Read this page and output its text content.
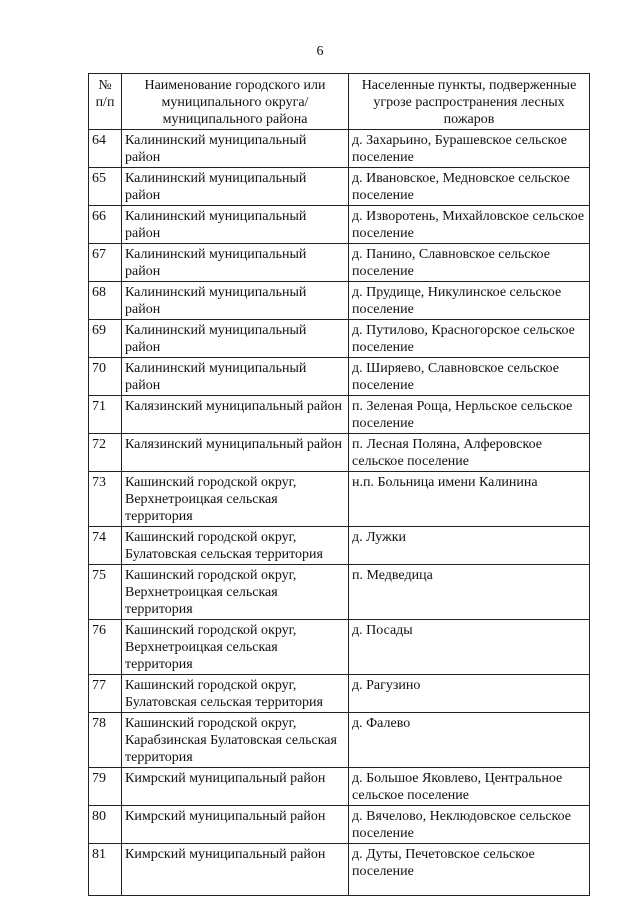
6
№ п/п	Наименование городского или муниципального округа/муниципального района	Населенные пункты, подверженные угрозе распространения лесных пожаров
64	Калининский муниципальный район	д. Захарьино, Бурашевское сельское поселение
65	Калининский муниципальный район	д. Ивановское, Медновское сельское поселение
66	Калининский муниципальный район	д. Изворотень, Михайловское сельское поселение
67	Калининский муниципальный район	д. Панино, Славновское сельское поселение
68	Калининский муниципальный район	д. Прудище, Никулинское сельское поселение
69	Калининский муниципальный район	д. Путилово, Красногорское сельское поселение
70	Калининский муниципальный район	д. Ширяево, Славновское сельское поселение
71	Калязинский муниципальный район	п. Зеленая Роща, Нерльское сельское поселение
72	Калязинский муниципальный район	п. Лесная Поляна, Алферовское сельское поселение
73	Кашинский городской округ, Верхнетроицкая сельская территория	н.п. Больница имени Калинина
74	Кашинский городской округ, Булатовская сельская территория	д. Лужки
75	Кашинский городской округ, Верхнетроицкая сельская территория	п. Медведица
76	Кашинский городской округ, Верхнетроицкая сельская территория	д. Посады
77	Кашинский городской округ, Булатовская сельская территория	д. Рагузино
78	Кашинский городской округ, Карабзинская Булатовская сельская территория	д. Фалево
79	Кимрский муниципальный район	д. Большое Яковлево, Центральное сельское поселение
80	Кимрский муниципальный район	д. Вячелово, Неклюдовское сельское поселение
81	Кимрский муниципальный район	д. Дуты, Печетовское сельское поселение
